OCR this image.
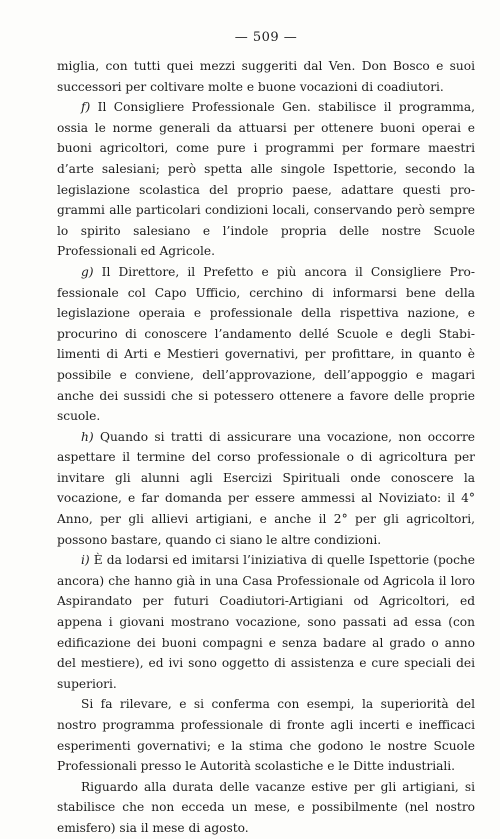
— 509 —

miglia, con tutti quei mezzi suggeriti dal Ven. Don Bosco e suoi successori per coltivare molte e buone vocazioni di coadiutori.

f) Il Consigliere Professionale Gen. stabilisce il programma, ossia le norme generali da attuarsi per ottenere buoni operai e buoni agricoltori, come pure i programmi per formare maestri d’arte salesiani; però spetta alle singole Ispettorie, secondo la legislazione scolastica del proprio paese, adattare questi programmi alle particolari condizioni locali, conservando però sempre lo spirito salesiano e l’indole propria delle nostre Scuole Professionali ed Agricole.

g) Il Direttore, il Prefetto e più ancora il Consigliere Professionale col Capo Ufficio, cerchino di informarsi bene della legislazione operaia e professionale della rispettiva nazione, e procurino di conoscere l’andamento dellé Scuole e degli Stabilimenti di Arti e Mestieri governativi, per profittare, in quanto è possibile e conviene, dell’approvazione, dell’appoggio e magari anche dei sussidi che si potessero ottenere a favore delle proprie scuole.

h) Quando si tratti di assicurare una vocazione, non occorre aspettare il termine del corso professionale o di agricoltura per invitare gli alunni agli Esercizi Spirituali onde conoscere la vocazione, e far domanda per essere ammessi al Noviziato: il 4° Anno, per gli allievi artigiani, e anche il 2° per gli agricoltori, possono bastare, quando ci siano le altre condizioni.

i) È da lodarsi ed imitarsi l’iniziativa di quelle Ispettorie (poche ancora) che hanno già in una Casa Professionale od Agricola il loro Aspirandato per futuri Coadiutori-Artigiani od Agricoltori, ed appena i giovani mostrano vocazione, sono passati ad essa (con edificazione dei buoni compagni e senza badare al grado o anno del mestiere), ed ivi sono oggetto di assistenza e cure speciali dei superiori.

Si fa rilevare, e si conferma con esempi, la superiorità del nostro programma professionale di fronte agli incerti e inefficaci esperimenti governativi; e la stima che godono le nostre Scuole Professionali presso le Autorità scolastiche e le Ditte industriali.

Riguardo alla durata delle vacanze estive per gli artigiani, si stabilisce che non ecceda un mese, e possibilmente (nel nostro emisfero) sia il mese di agosto.
